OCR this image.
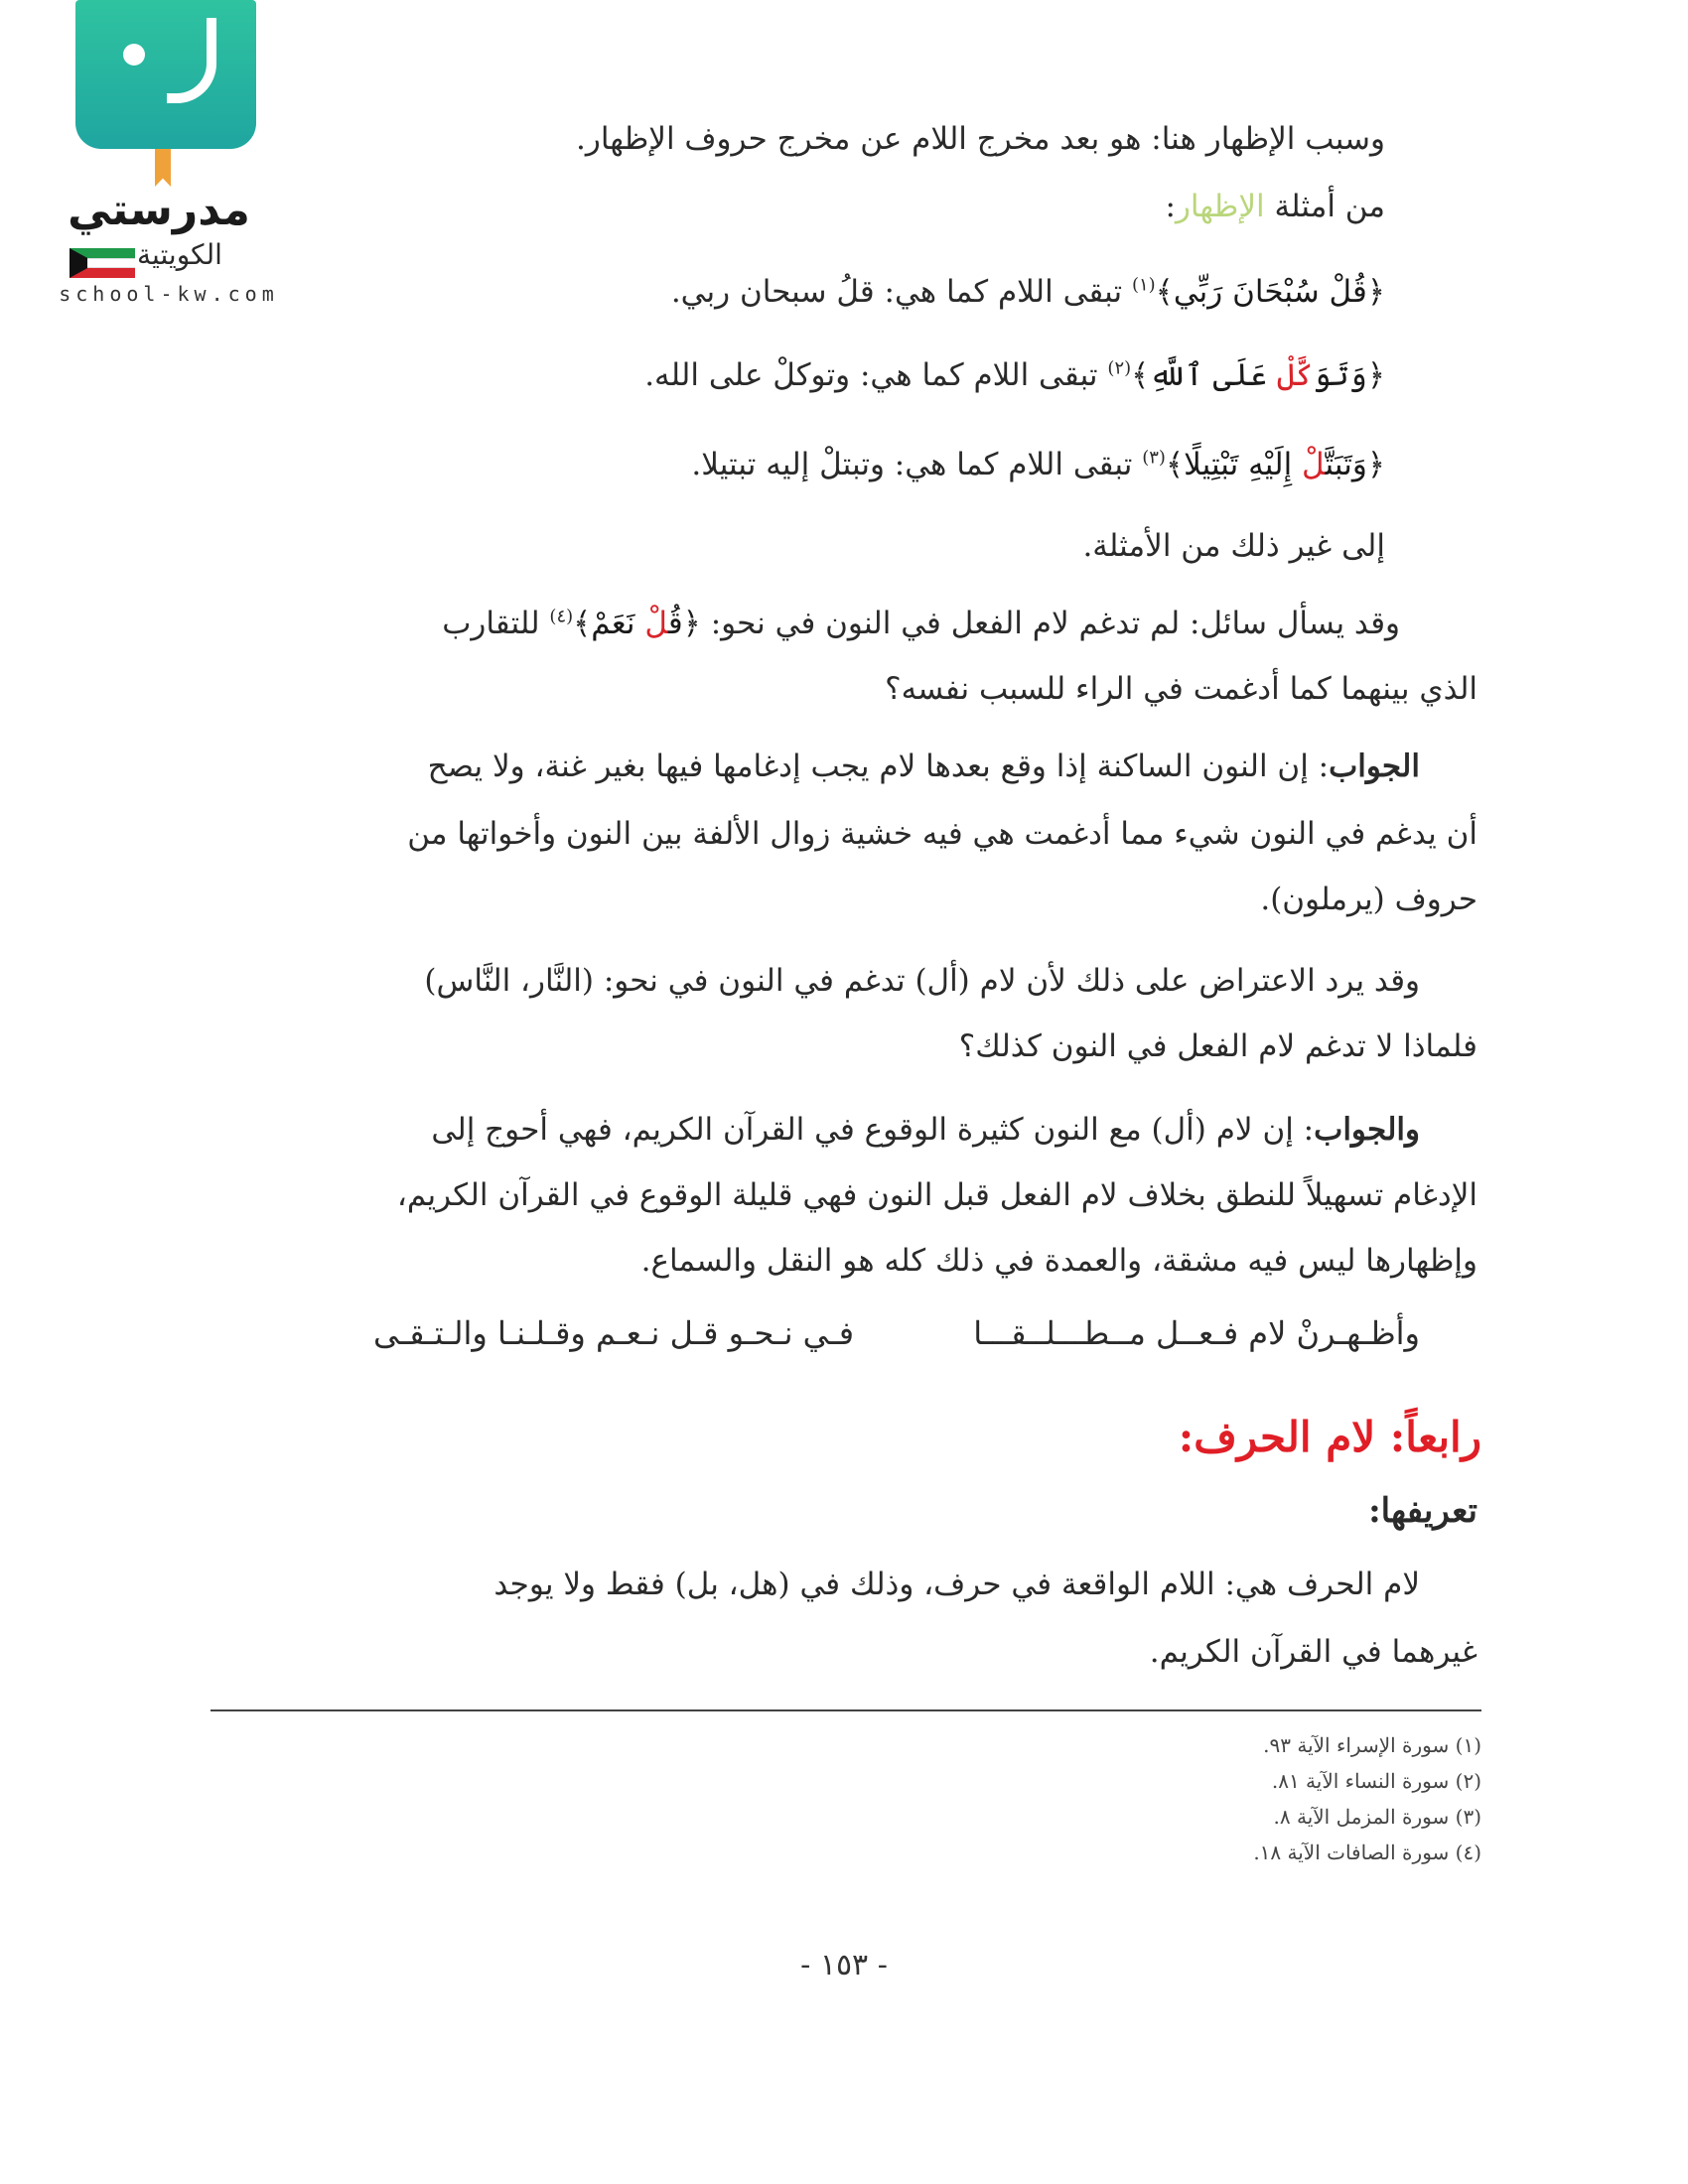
مدرستي
الكويتية
school-kw.com
وسبب الإظهار هنا: هو بعد مخرج اللام عن مخرج حروف الإظهار.
من أمثلة الإظهار:
﴿قُلْ سُبْحَانَ رَبِّي﴾$^{(١)}$ تبقى اللام كما هي: قلُ سبحان ربي.
﴿وَتَوَكَّلْ عَلَى ٱللَّهِ﴾$^{(٢)}$ تبقى اللام كما هي: وتوكلْ على الله.
﴿وَتَبَتَّلْ إِلَيْهِ تَبْتِيلًا﴾$^{(٣)}$ تبقى اللام كما هي: وتبتلْ إليه تبتيلا.
إلى غير ذلك من الأمثلة.
وقد يسأل سائل: لم تدغم لام الفعل في النون في نحو: ﴿قُلْ نَعَمْ﴾$^{(٤)}$ للتقارب
الذي بينهما كما أدغمت في الراء للسبب نفسه؟
الجواب: إن النون الساكنة إذا وقع بعدها لام يجب إدغامها فيها بغير غنة، ولا يصح
أن يدغم في النون شيء مما أدغمت هي فيه خشية زوال الألفة بين النون وأخواتها من
حروف (يرملون).
وقد يرد الاعتراض على ذلك لأن لام (أل) تدغم في النون في نحو: (النَّار، النَّاس)
فلماذا لا تدغم لام الفعل في النون كذلك؟
والجواب: إن لام (أل) مع النون كثيرة الوقوع في القرآن الكريم، فهي أحوج إلى
الإدغام تسهيلاً للنطق بخلاف لام الفعل قبل النون فهي قليلة الوقوع في القرآن الكريم،
وإظهارها ليس فيه مشقة، والعمدة في ذلك كله هو النقل والسماع.
وأظـهـرنْ لام فـعــل مــطـــلــقـــا
فـي نـحـو قـل نـعـم وقـلـنـا والـتـقـى
رابعاً: لام الحرف:
تعريفها:
لام الحرف هي: اللام الواقعة في حرف، وذلك في (هل، بل) فقط ولا يوجد
غيرهما في القرآن الكريم.
(١) سورة الإسراء الآية ٩٣.
(٢) سورة النساء الآية ٨١.
(٣) سورة المزمل الآية ٨.
(٤) سورة الصافات الآية ١٨.
- ١٥٣ -
